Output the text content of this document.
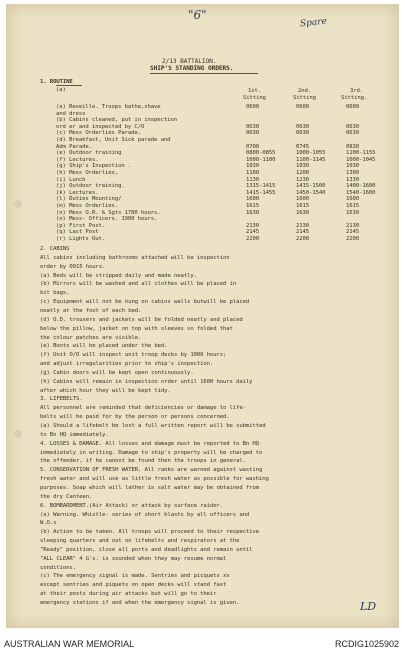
"6"
Spare
2/13 BATTALION.
SHIP'S STANDING ORDERS.
1. ROUTINE
(a)	1st.	2nd.	3rd.
Sitting	Sitting	Sitting.
(a) Reveille. Troops bathe,shave	0600	0600	0600
and dress
(b) Cabins cleaned, put in inspection
ord er and inspected by C/O	0630	0630	0630
(c) Mess Orderlies Parade.	0630	0630	0630
(d) Breakfast, Unit Sick parade and
Adm Parade.	0700	0745	0830
(e) Outdoor training	0800-0855	1000-1055	1100-1155
(f) Lectures.	1000-1100	1100-1145	1000-1045
(g) Ship's Inspection .	1030	1030	1030
(h) Mess Orderlies,	1100	1200	1300
(i) Lunch	1130	1230	1330
(j) Outdoor training.	1315-1415	1415-1500	1400-1600
(k) Lectures.	1415-1455	1450-1540	1540-1600
(l) Duties Mounting/	1600	1600	1600
(m) Mess Orderlies.	1615	1615	1615
(n) Mess O.R. & Sgts 1700 hours.	1630	1630	1630
(o) Mess- Officers. 1900 hours.
(p) First Post.	2130	2130	2130
(q) Last Post	2145	2145	2145
(r) Lights Out.	2200	2200	2200
2. CABINS
All cabins including bathrooms attached will be inspection
order by 0915 hours.
(a) Beds will be stripped daily and made neatly.
(b) Mirrors will be washed and all clothes will be placed in
kit bags.
(c) Equipment will not be hung on cabins walls butwill be placed
neatly at the foot of each bed.
(d) O.D. trousers and jackets will be folded neatly and placed
below the pillow, jacket on top with sleeves so folded that
the colour patches are visible.
(e) Boots will be placed under the bed.
(f) Unit O/O will inspect unit troop decks by 1000 hours;
and adjust irregularities prior to ship's inspection.
(g) Cabin doors will be kept open continuously.
(h) Cabins will remain in inspection order until 1600 hours daily
after which hour they will be kept tidy.
3. LIFEBELTS.
All personnel are reminded that deficiencies or damage to life-
belts will be paid for by the person or persons concerned.
(a) Should a lifebelt be lost a full written report will be submitted
to Bn HQ immediately.
4. LOSSES & DAMAGE. All losses and damage must be reported to Bn HQ
immediately in writing. Damage to ship's property will be charged to
the offender, if he cannot be found then the troops in general.
5. CONSERVATION OF FRESH WATER. All ranks are warned against wasting
fresh water and will use as little fresh water as possible for washing
purposes. Soap which will lather in salt water may be obtained from
the dry Canteen.
6. BOMBARDMENT.(Air Attack) or attack by surface raider.
(a) Warning. Whistle- series of short blasts by all officers and
W.O.s
(b) Action to be taken. All troops will proceed to their respective
sleeping quarters and out on lifebelts and respirators at the
"Ready" position, close all ports and deadlights and remain until
"ALL CLEAR" 4 G's. is sounded when they may resume normal
conditions.
(c) The emergency signal is made. Sentries and picquets xx
except sentries and piquets on open decks will stand fast
at their posts during air attacks but will go to their
emergency stations if and when the emergency signal is given.	LD
AUSTRALIAN WAR MEMORIAL	RCDIG1025902
